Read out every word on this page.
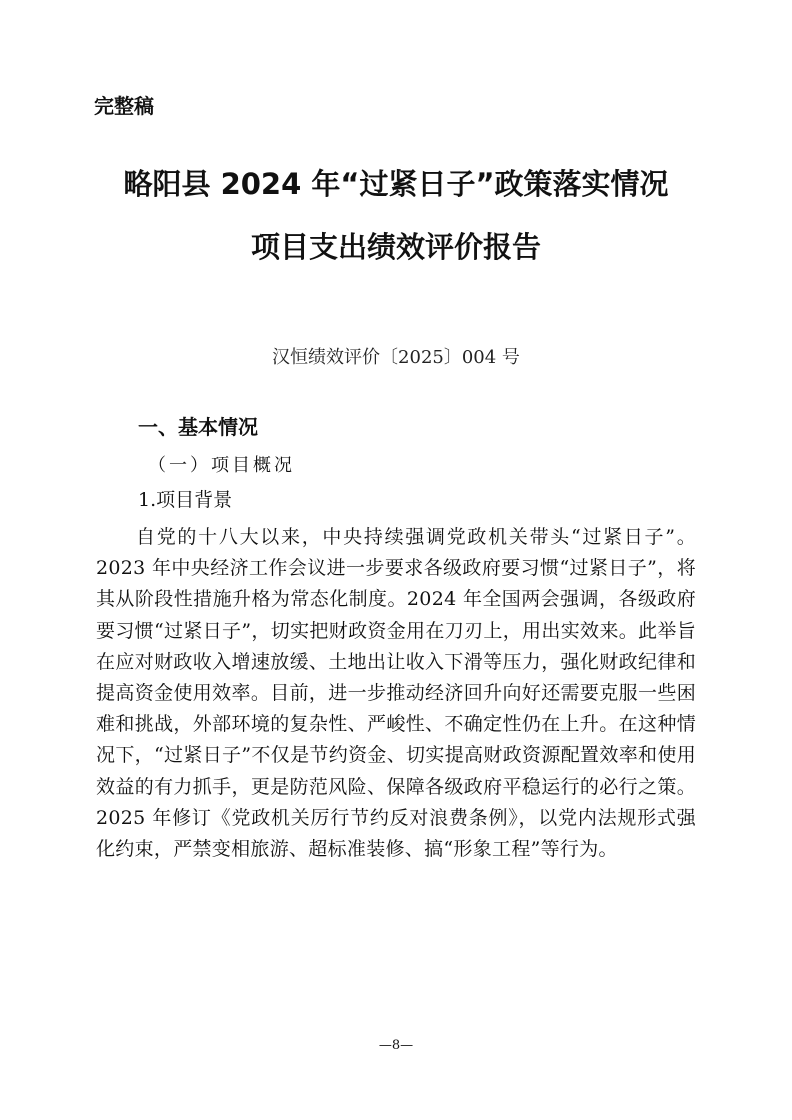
完整稿
略阳县 2024 年“过紧日子”政策落实情况
项目支出绩效评价报告
汉恒绩效评价〔2025〕004 号
一、基本情况
（一）项目概况
1.项目背景
自党的十八大以来，中央持续强调党政机关带头“过紧日子”。2023 年中央经济工作会议进一步要求各级政府要习惯“过紧日子”，将其从阶段性措施升格为常态化制度。2024 年全国两会强调，各级政府要习惯“过紧日子”，切实把财政资金用在刀刃上，用出实效来。此举旨在应对财政收入增速放缓、土地出让收入下滑等压力，强化财政纪律和提高资金使用效率。目前，进一步推动经济回升向好还需要克服一些困难和挑战，外部环境的复杂性、严峻性、不确定性仍在上升。在这种情况下，“过紧日子”不仅是节约资金、切实提高财政资源配置效率和使用效益的有力抓手，更是防范风险、保障各级政府平稳运行的必行之策。2025 年修订《党政机关厉行节约反对浪费条例》，以党内法规形式强化约束，严禁变相旅游、超标准装修、搞“形象工程”等行为。
—8—
